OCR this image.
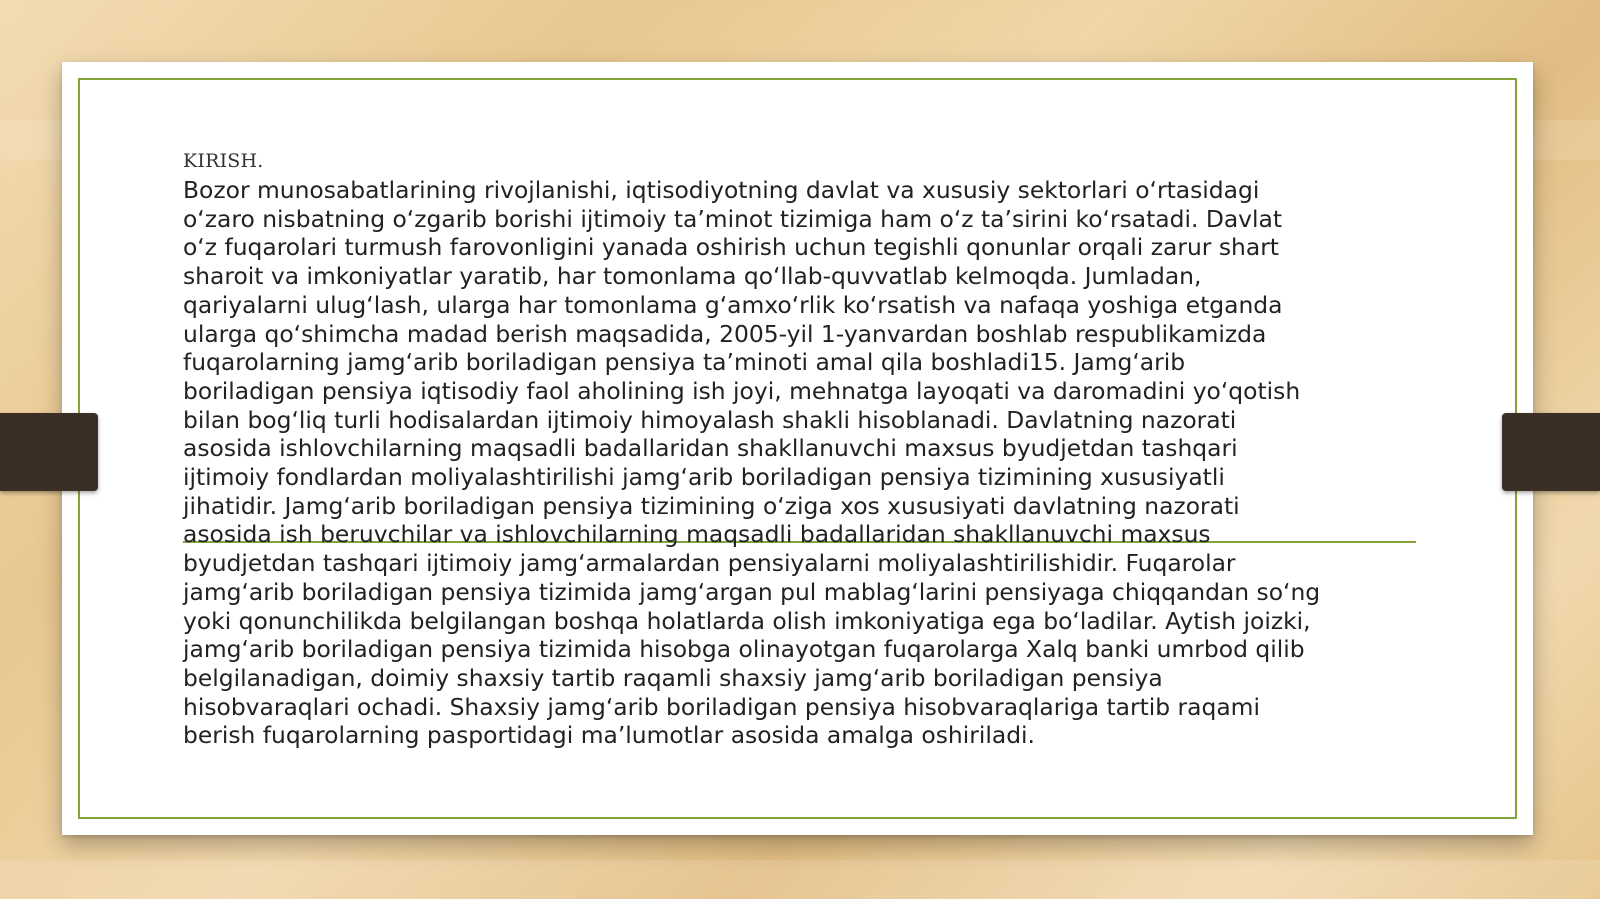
KIRISH.
Bozor munosabatlarining rivojlanishi, iqtisodiyotning davlat va xususiy sektorlari o‘rtasidagi
o‘zaro nisbatning o‘zgarib borishi ijtimoiy ta’minot tizimiga ham o‘z ta’sirini ko‘rsatadi. Davlat
o‘z fuqarolari turmush farovonligini yanada oshirish uchun tegishli qonunlar orqali zarur shart
sharoit va imkoniyatlar yaratib, har tomonlama qo‘llab-quvvatlab kelmoqda. Jumladan,
qariyalarni ulug‘lash, ularga har tomonlama g‘amxo‘rlik ko‘rsatish va nafaqa yoshiga etganda
ularga qo‘shimcha madad berish maqsadida, 2005-yil 1-yanvardan boshlab respublikamizda
fuqarolarning jamg‘arib boriladigan pensiya ta’minoti amal qila boshladi15. Jamg‘arib
boriladigan pensiya iqtisodiy faol aholining ish joyi, mehnatga layoqati va daromadini yo‘qotish
bilan bog‘liq turli hodisalardan ijtimoiy himoyalash shakli hisoblanadi. Davlatning nazorati
asosida ishlovchilarning maqsadli badallaridan shakllanuvchi maxsus byudjetdan tashqari
ijtimoiy fondlardan moliyalashtirilishi jamg‘arib boriladigan pensiya tizimining xususiyatli
jihatidir. Jamg‘arib boriladigan pensiya tizimining o‘ziga xos xususiyati davlatning nazorati
asosida ish beruvchilar va ishlovchilarning maqsadli badallaridan shakllanuvchi maxsus
byudjetdan tashqari ijtimoiy jamg‘armalardan pensiyalarni moliyalashtirilishidir. Fuqarolar
jamg‘arib boriladigan pensiya tizimida jamg‘argan pul mablag‘larini pensiyaga chiqqandan so‘ng
yoki qonunchilikda belgilangan boshqa holatlarda olish imkoniyatiga ega bo‘ladilar. Aytish joizki,
jamg‘arib boriladigan pensiya tizimida hisobga olinayotgan fuqarolarga Xalq banki umrbod qilib
belgilanadigan, doimiy shaxsiy tartib raqamli shaxsiy jamg‘arib boriladigan pensiya
hisobvaraqlari ochadi. Shaxsiy jamg‘arib boriladigan pensiya hisobvaraqlariga tartib raqami
berish fuqarolarning pasportidagi ma’lumotlar asosida amalga oshiriladi.
